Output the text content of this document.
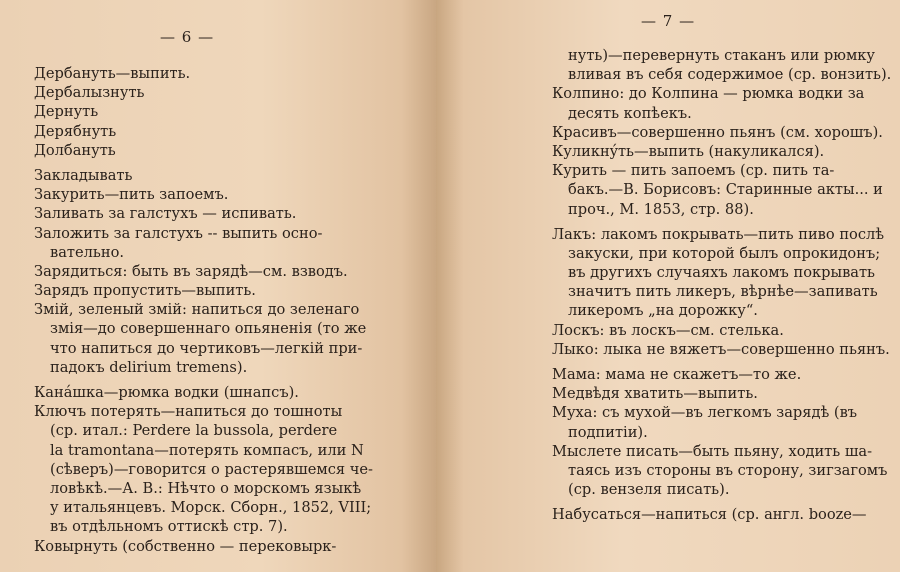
— 6 —
Дербануть—выпить.
Дербалызнуть
Дернуть
Дерябнуть
Долбануть
Закладывать
Закурить—пить запоемъ.
Заливать за галстухъ — испивать.
Заложить за галстухъ -- выпить осно-
вательно.
Зарядиться: быть въ зарядѣ—см. взводъ.
Зарядъ пропустить—выпить.
Змiй, зеленый змiй: напиться до зеленаго
змiя—до совершеннаго опьяненiя (то же
что напиться до чертиковъ—легкiй при-
падокъ delirium tremens).
Канáшка—рюмка водки (шнапсъ).
Ключъ потерять—напиться до тошноты
(ср. итал.: Perdere la bussola, perdere
la tramontana—потерять компасъ, или N
(сѣверъ)—говорится о растерявшемся че-
ловѣкѣ.—А. В.: Нѣчто о морскомъ языкѣ
у итальянцевъ. Морск. Сборн., 1852, VIII;
въ отдѣльномъ оттискѣ стр. 7).
Ковырнуть (собственно — перековырк-
— 7 —
нуть)—перевернуть стаканъ или рюмку
вливая въ себя содержимое (ср. вонзить).
Колпино: до Колпина — рюмка водки за
десять копѣекъ.
Красивъ—совершенно пьянъ (см. хорошъ).
Куликнýть—выпить (накуликался).
Курить — пить запоемъ (ср. пить та-
бакъ.—В. Борисовъ: Старинные акты... и
проч., М. 1853, стр. 88).
Лакъ: лакомъ покрывать—пить пиво послѣ
закуски, при которой былъ опрокидонъ;
въ другихъ случаяхъ лакомъ покрывать
значитъ пить ликеръ, вѣрнѣе—запивать
ликеромъ „на дорожку“.
Лоскъ: въ лоскъ—см. стелька.
Лыко: лыка не вяжетъ—совершенно пьянъ.
Мама: мама не скажетъ—то же.
Медвѣдя хватить—выпить.
Муха: съ мухой—въ легкомъ зарядѣ (въ
подпитiи).
Мыслете писать—быть пьяну, ходить ша-
таясь изъ стороны въ сторону, зигзагомъ
(ср. вензеля писать).
Набусаться—напиться (ср. англ. booze—
